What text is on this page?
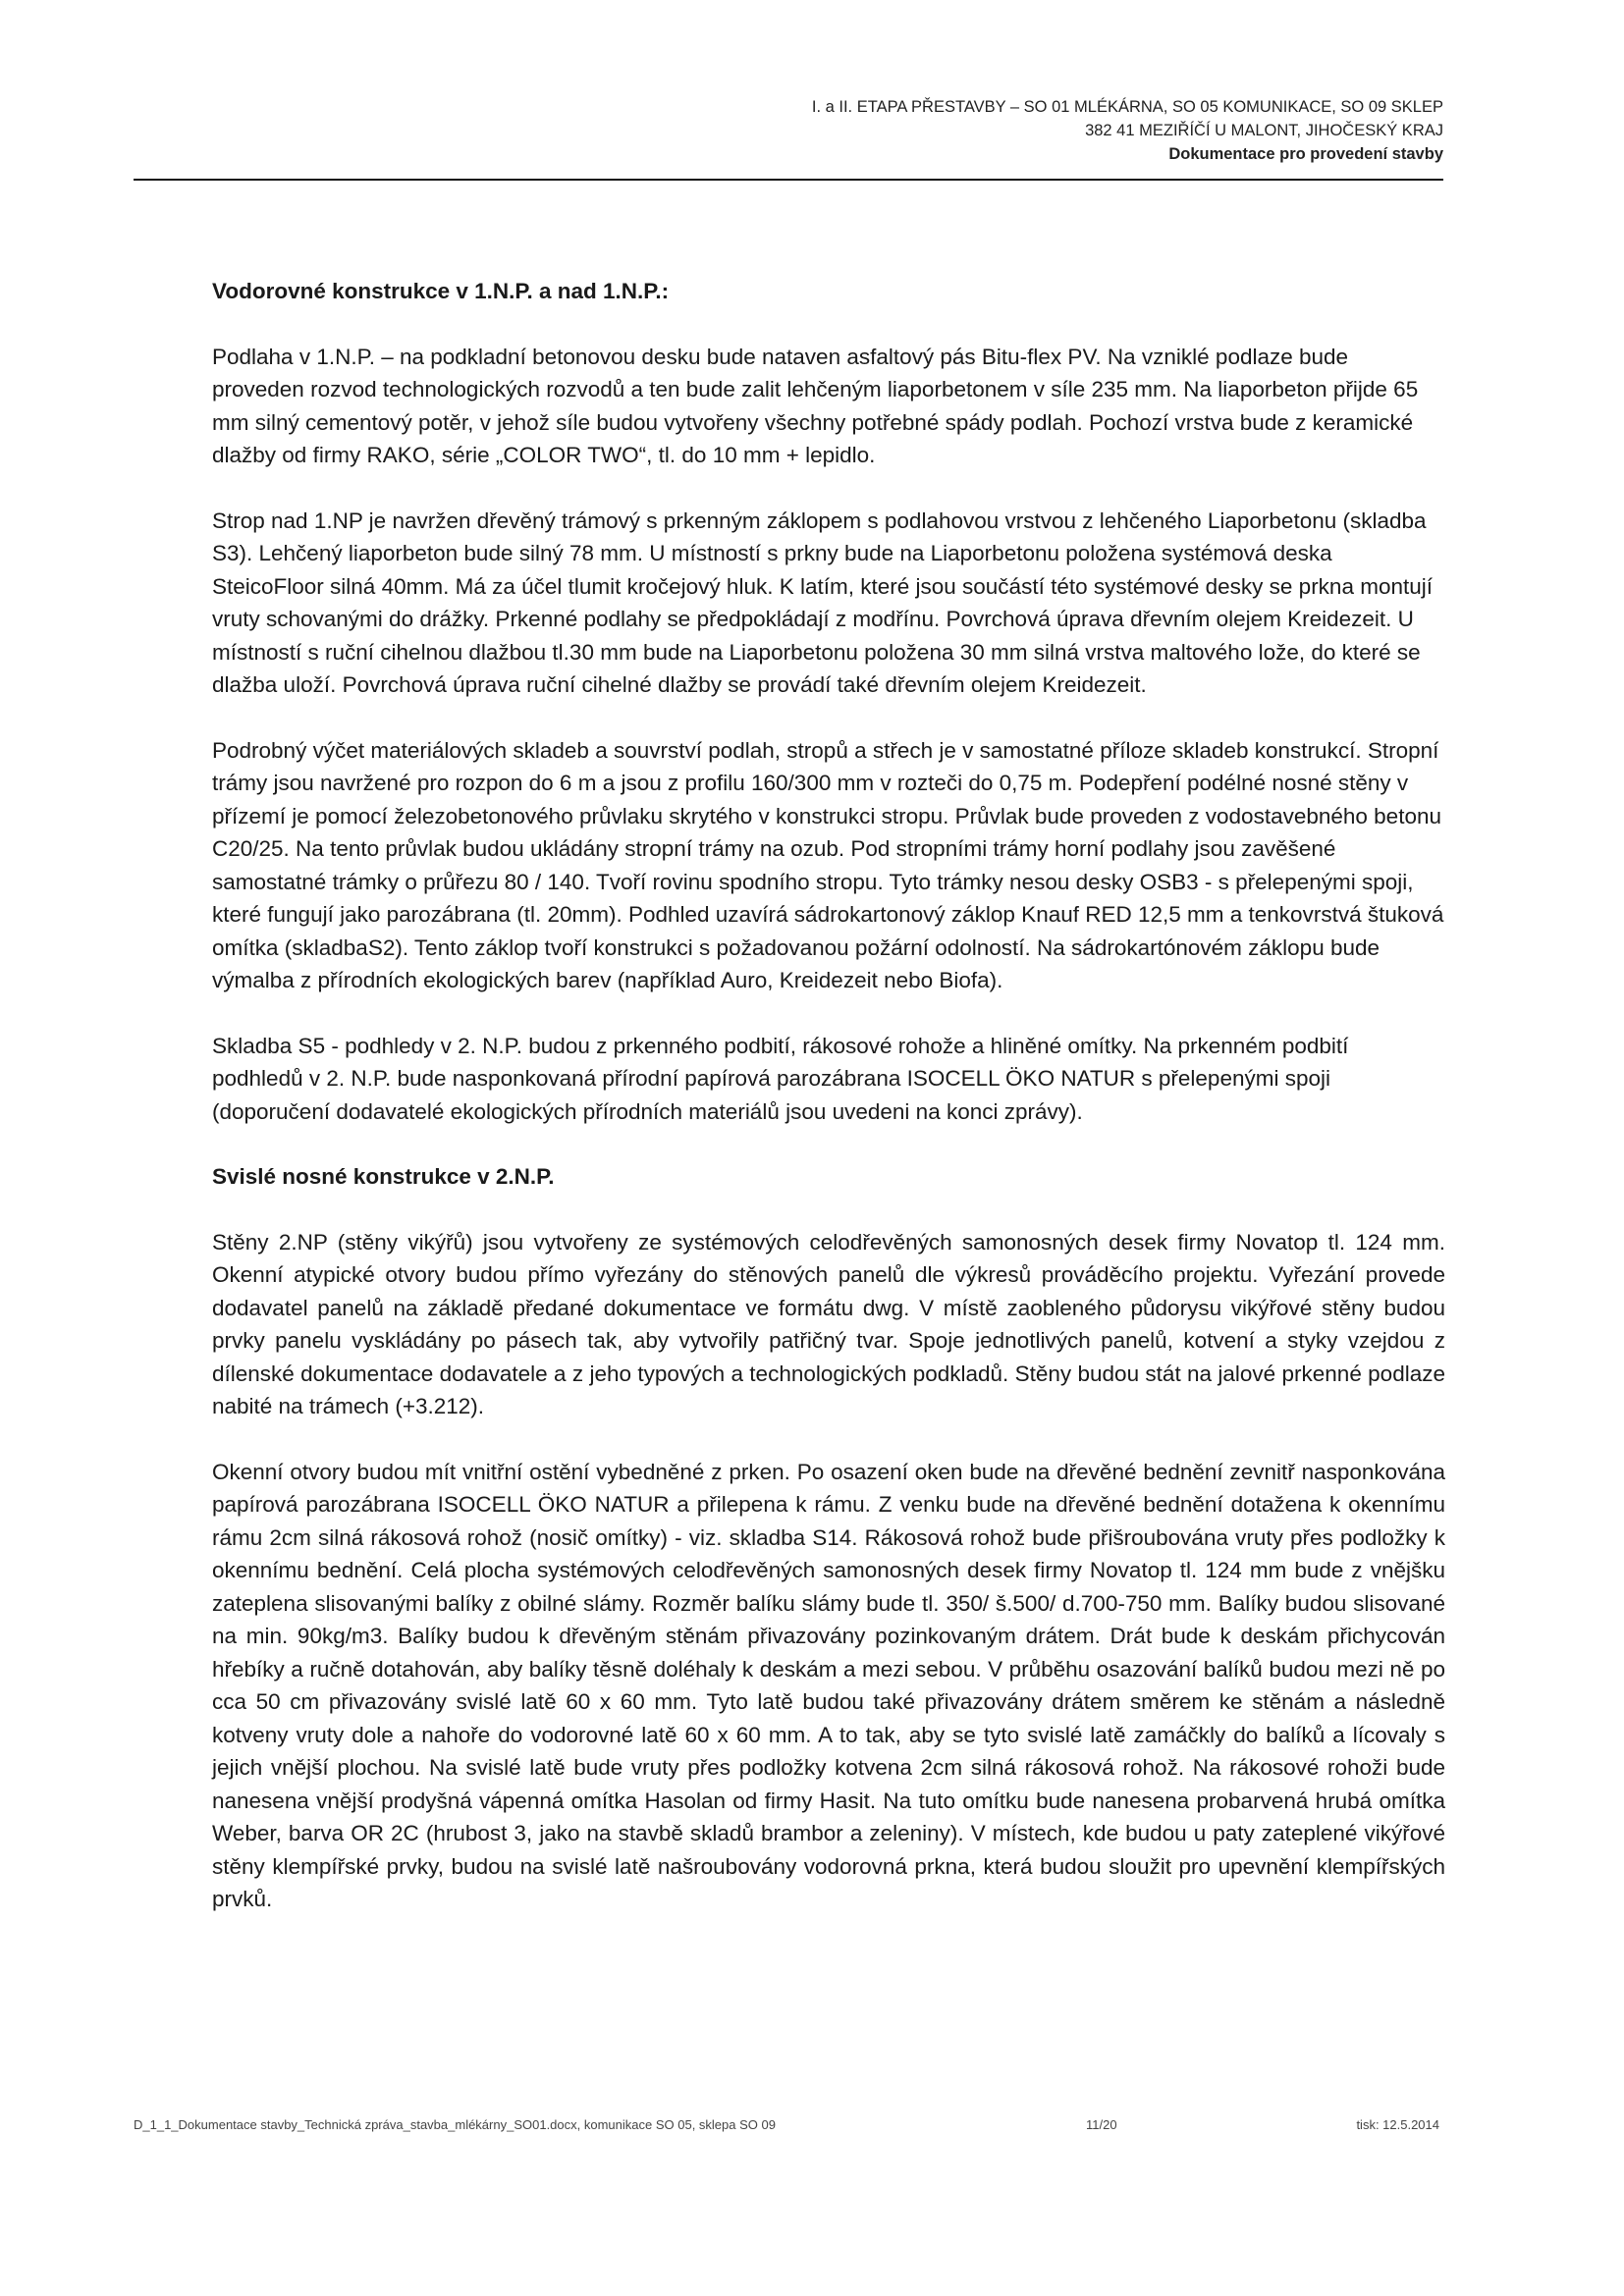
I. a II. ETAPA PŘESTAVBY – SO 01 MLÉKÁRNA, SO 05 KOMUNIKACE, SO 09 SKLEP
382 41 MEZIŘÍČÍ U MALONT, JIHOČESKÝ KRAJ
Dokumentace pro provedení stavby

Vodorovné konstrukce v 1.N.P. a nad 1.N.P.:

Podlaha v 1.N.P. – na podkladní betonovou desku bude nataven asfaltový pás Bitu-flex PV. Na vzniklé podlaze bude proveden rozvod technologických rozvodů a ten bude zalit lehčeným liaporbetonem v síle 235 mm. Na liaporbeton přijde 65 mm silný cementový potěr, v jehož síle budou vytvořeny všechny potřebné spády podlah. Pochozí vrstva bude z keramické dlažby od firmy RAKO, série „COLOR TWO“, tl. do 10 mm + lepidlo.

Strop nad 1.NP je navržen dřevěný trámový s prkenným záklopem s podlahovou vrstvou z lehčeného Liaporbetonu (skladba S3). Lehčený liaporbeton bude silný 78 mm. U místností s prkny bude na Liaporbetonu položena systémová deska SteicoFloor silná 40mm. Má za účel tlumit kročejový hluk. K latím, které jsou součástí této systémové desky se prkna montují vruty schovanými do drážky. Prkenné podlahy se předpokládají z modřínu. Povrchová úprava dřevním olejem Kreidezeit. U místností s ruční cihelnou dlažbou tl.30 mm bude na Liaporbetonu položena 30 mm silná vrstva maltového lože, do které se dlažba uloží. Povrchová úprava ruční cihelné dlažby se provádí také dřevním olejem Kreidezeit.

Podrobný výčet materiálových skladeb a souvrství podlah, stropů a střech je v samostatné příloze skladeb konstrukcí. Stropní trámy jsou navržené pro rozpon do 6 m a jsou z profilu 160/300 mm v rozteči do 0,75 m. Podepření podélné nosné stěny v přízemí je pomocí železobetonového průvlaku skrytého v konstrukci stropu. Průvlak bude proveden z vodostavebného betonu C20/25. Na tento průvlak budou ukládány stropní trámy na ozub. Pod stropními trámy horní podlahy jsou zavěšené samostatné trámky o průřezu 80 / 140. Tvoří rovinu spodního stropu. Tyto trámky nesou desky OSB3 - s přelepenými spoji, které fungují jako parozábrana (tl. 20mm). Podhled uzavírá sádrokartonový záklop Knauf RED 12,5 mm a tenkovrstvá štuková omítka (skladbaS2). Tento záklop tvoří konstrukci s požadovanou požární odolností. Na sádrokartónovém záklopu bude výmalba z přírodních ekologických barev (například Auro, Kreidezeit nebo Biofa).

Skladba S5 - podhledy v 2. N.P. budou z prkenného podbití, rákosové rohože a hliněné omítky. Na prkenném podbití podhledů v 2. N.P. bude nasponkovaná přírodní papírová parozábrana ISOCELL ÖKO NATUR s přelepenými spoji (doporučení dodavatelé ekologických přírodních materiálů jsou uvedeni na konci zprávy).

Svislé nosné konstrukce v 2.N.P.

Stěny 2.NP (stěny vikýřů) jsou vytvořeny ze systémových celodřevěných samonosných desek firmy Novatop tl. 124 mm. Okenní atypické otvory budou přímo vyřezány do stěnových panelů dle výkresů prováděcího projektu. Vyřezání provede dodavatel panelů na základě předané dokumentace ve formátu dwg. V místě zaobleného půdorysu vikýřové stěny budou prvky panelu vyskládány po pásech tak, aby vytvořily patřičný tvar. Spoje jednotlivých panelů, kotvení a styky vzejdou z dílenské dokumentace dodavatele a z jeho typových a technologických podkladů. Stěny budou stát na jalové prkenné podlaze nabité na trámech (+3.212).

Okenní otvory budou mít vnitřní ostění vybedněné z prken. Po osazení oken bude na dřevěné bednění zevnitř nasponkována papírová parozábrana ISOCELL ÖKO NATUR a přilepena k rámu. Z venku bude na dřevěné bednění dotažena k okennímu rámu 2cm silná rákosová rohož (nosič omítky) - viz. skladba S14. Rákosová rohož bude přišroubována vruty přes podložky k okennímu bednění. Celá plocha systémových celodřevěných samonosných desek firmy Novatop tl. 124 mm bude z vnějšku zateplena slisovanými balíky z obilné slámy. Rozměr balíku slámy bude tl. 350/ š.500/ d.700-750 mm. Balíky budou slisované na min. 90kg/m3. Balíky budou k dřevěným stěnám přivazovány pozinkovaným drátem. Drát bude k deskám přichycován hřebíky a ručně dotahován, aby balíky těsně doléhaly k deskám a mezi sebou. V průběhu osazování balíků budou mezi ně po cca 50 cm přivazovány svislé latě 60 x 60 mm. Tyto latě budou také přivazovány drátem směrem ke stěnám a následně kotveny vruty dole a nahoře do vodorovné latě 60 x 60 mm. A to tak, aby se tyto svislé latě zamáčkly do balíků a lícovaly s jejich vnější plochou. Na svislé latě bude vruty přes podložky kotvena 2cm silná rákosová rohož. Na rákosové rohoži bude nanesena vnější prodyšná vápenná omítka Hasolan od firmy Hasit. Na tuto omítku bude nanesena probarvená hrubá omítka Weber, barva OR 2C (hrubost 3, jako na stavbě skladů brambor a zeleniny). V místech, kde budou u paty zateplené vikýřové stěny klempířské prvky, budou na svislé latě našroubovány vodorovná prkna, která budou sloužit pro upevnění klempířských prvků.

D_1_1_Dokumentace stavby_Technická zpráva_stavba_mlékárny_SO01.docx, komunikace SO 05, sklepa SO 09	11/20	tisk: 12.5.2014
